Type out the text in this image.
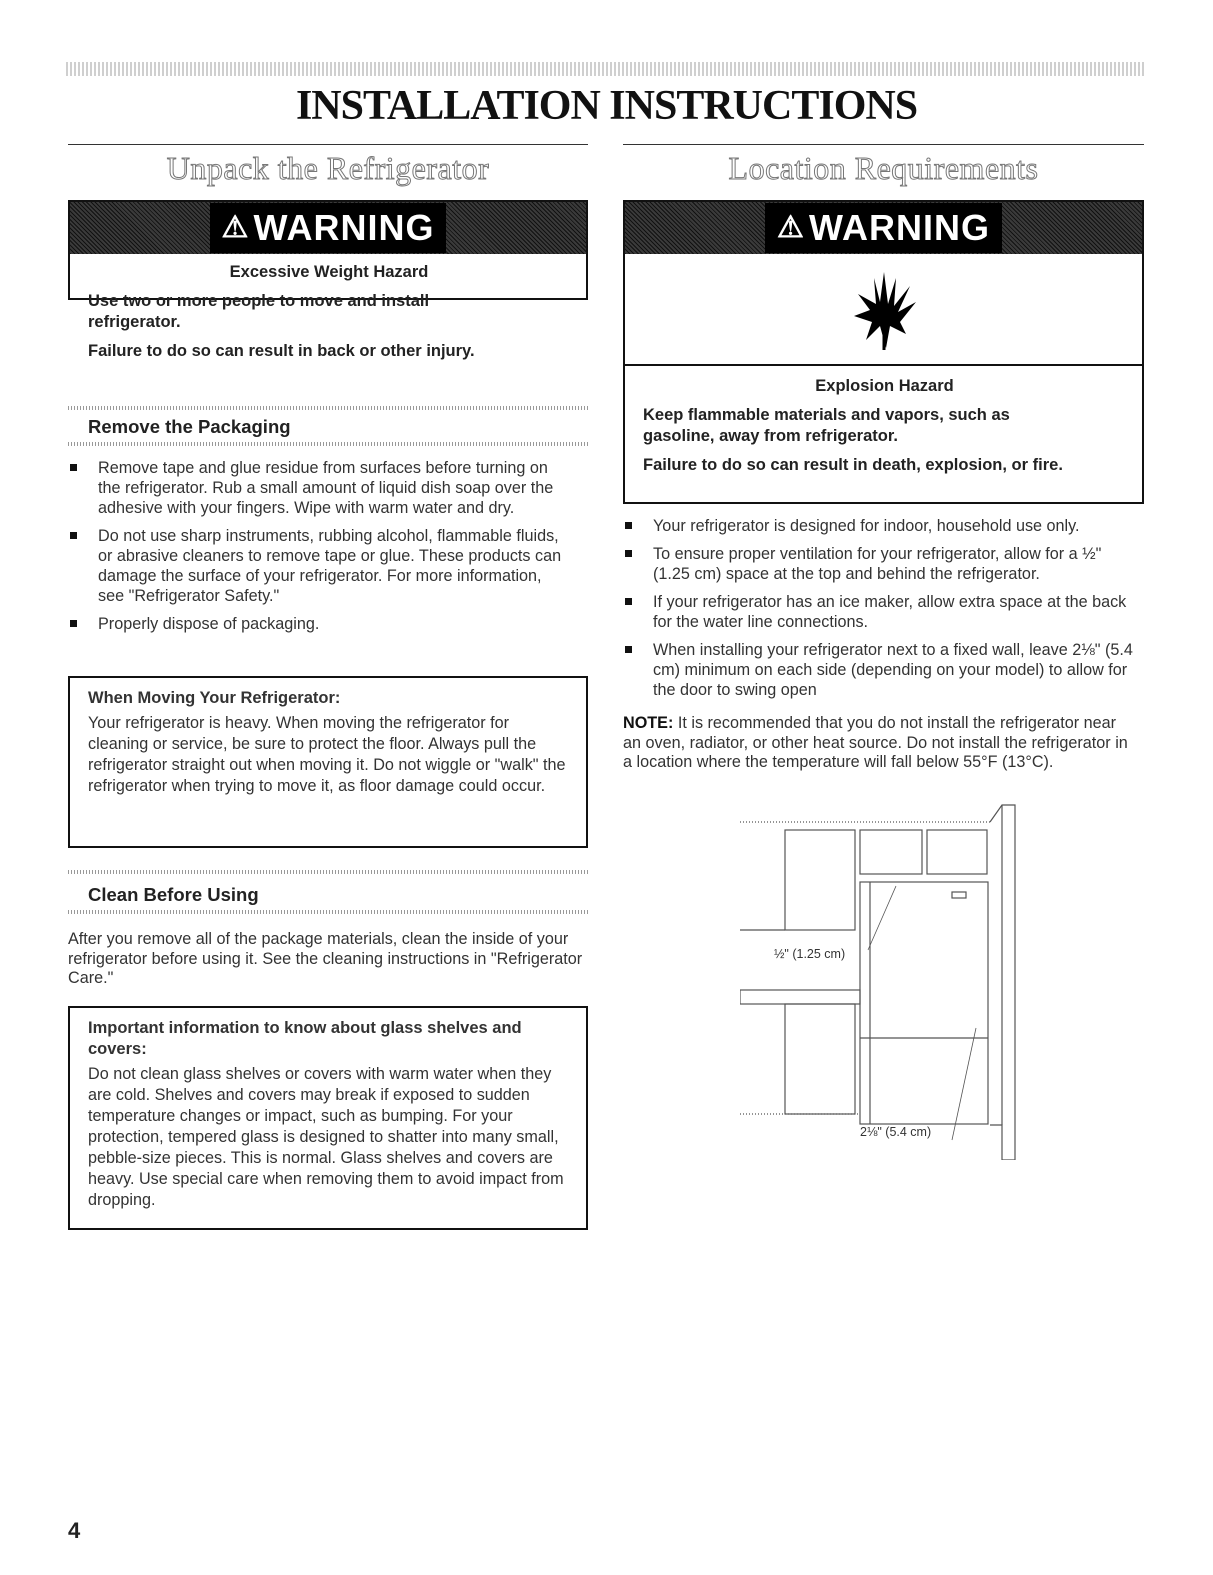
INSTALLATION INSTRUCTIONS
Unpack the Refrigerator
⚠ WARNING
Excessive Weight Hazard

Use two or more people to move and install refrigerator.

Failure to do so can result in back or other injury.

Remove the Packaging
Remove tape and glue residue from surfaces before turning on the refrigerator. Rub a small amount of liquid dish soap over the adhesive with your fingers. Wipe with warm water and dry.
Do not use sharp instruments, rubbing alcohol, flammable fluids, or abrasive cleaners to remove tape or glue. These products can damage the surface of your refrigerator. For more information, see "Refrigerator Safety."
Properly dispose of packaging.
When Moving Your Refrigerator:
Your refrigerator is heavy. When moving the refrigerator for cleaning or service, be sure to protect the floor. Always pull the refrigerator straight out when moving it. Do not wiggle or "walk" the refrigerator when trying to move it, as floor damage could occur.
Clean Before Using
After you remove all of the package materials, clean the inside of your refrigerator before using it. See the cleaning instructions in "Refrigerator Care."
Important information to know about glass shelves and covers:
Do not clean glass shelves or covers with warm water when they are cold. Shelves and covers may break if exposed to sudden temperature changes or impact, such as bumping. For your protection, tempered glass is designed to shatter into many small, pebble-size pieces. This is normal. Glass shelves and covers are heavy. Use special care when removing them to avoid impact from dropping.
Location Requirements
⚠ WARNING
Explosion Hazard

Keep flammable materials and vapors, such as gasoline, away from refrigerator.

Failure to do so can result in death, explosion, or fire.

Your refrigerator is designed for indoor, household use only.
To ensure proper ventilation for your refrigerator, allow for a ½" (1.25 cm) space at the top and behind the refrigerator.
If your refrigerator has an ice maker, allow extra space at the back for the water line connections.
When installing your refrigerator next to a fixed wall, leave 2⅛" (5.4 cm) minimum on each side (depending on your model) to allow for the door to swing open
NOTE: It is recommended that you do not install the refrigerator near an oven, radiator, or other heat source. Do not install the refrigerator in a location where the temperature will fall below 55°F (13°C).
½" (1.25 cm)
2⅛" (5.4 cm)
4
